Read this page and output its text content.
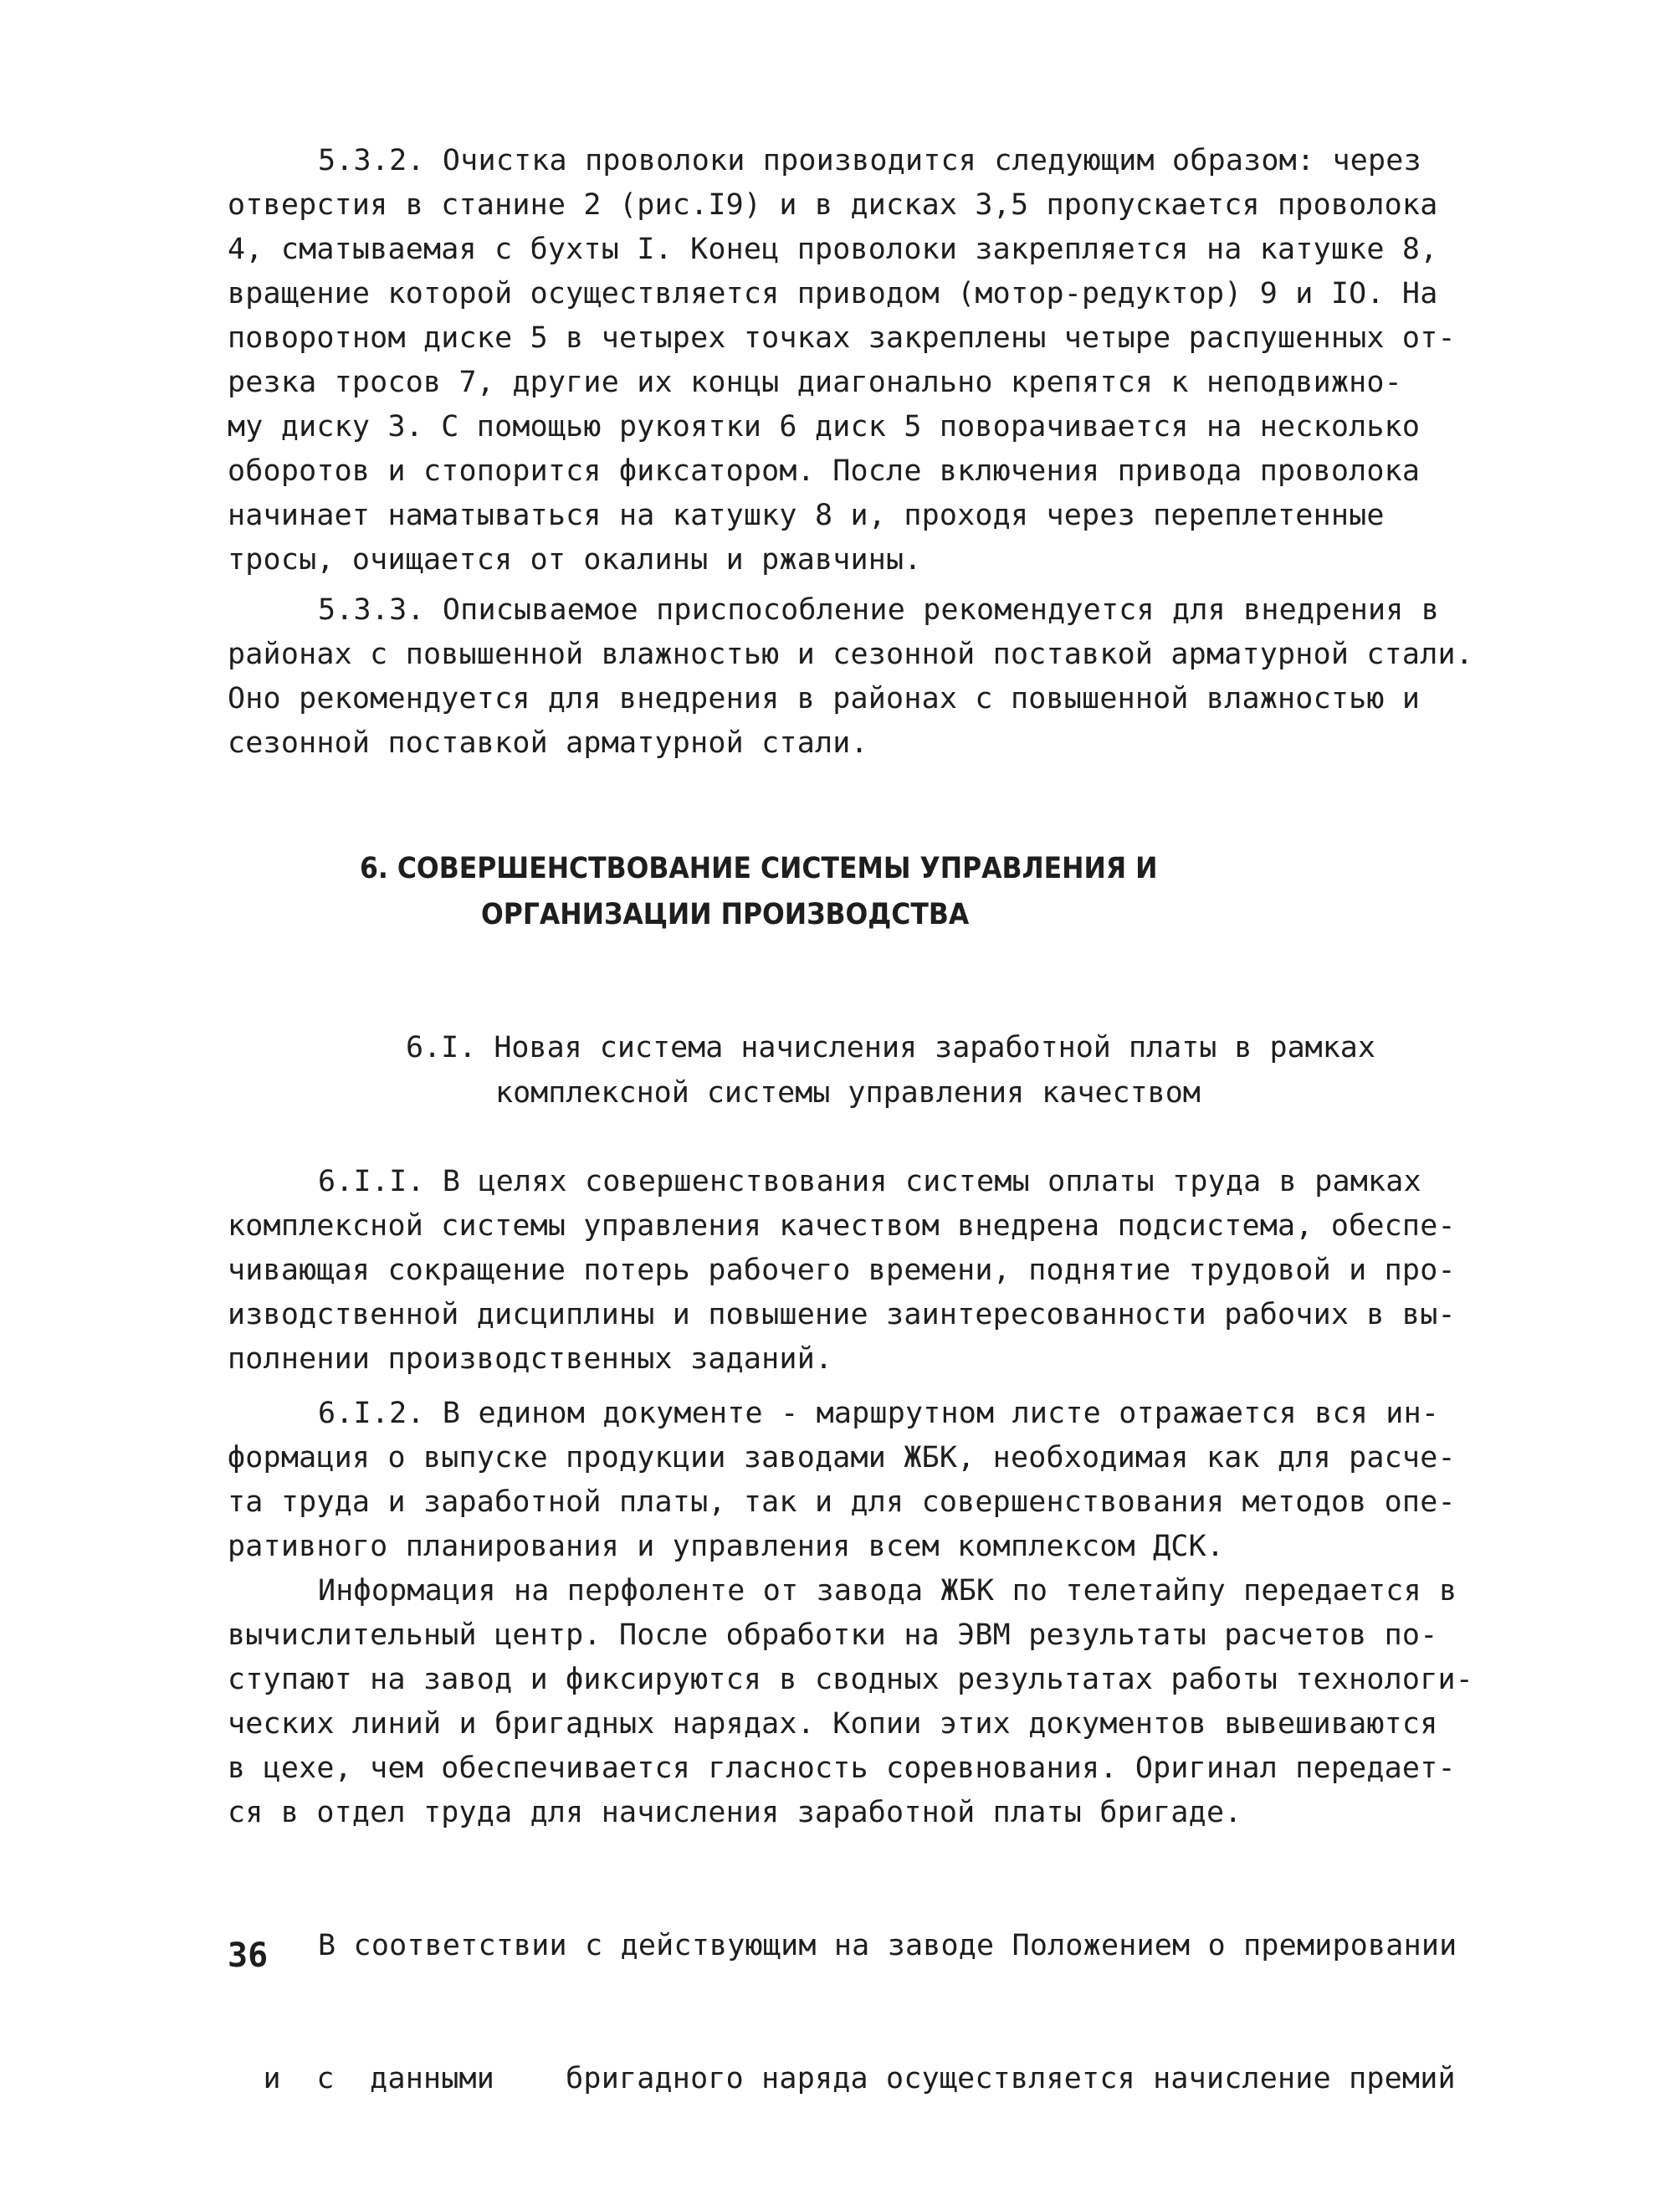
5.3.2. Очистка проволоки производится следующим образом: через
отверстия в станине 2 (рис.I9) и в дисках 3,5 пропускается проволока
4, сматываемая с бухты I. Конец проволоки закрепляется на катушке 8,
вращение которой осуществляется приводом (мотор-редуктор) 9 и IO. На
поворотном диске 5 в четырех точках закреплены четыре распушенных от-
резка тросов 7, другие их концы диагонально крепятся к неподвижно-
му диску 3. С помощью рукоятки 6 диск 5 поворачивается на несколько
оборотов и стопорится фиксатором. После включения привода проволока
начинает наматываться на катушку 8 и, проходя через переплетенные
тросы, очищается от окалины и ржавчины.
5.3.3. Описываемое приспособление рекомендуется для внедрения в
районах с повышенной влажностью и сезонной поставкой арматурной стали.
Оно рекомендуется для внедрения в районах с повышенной влажностью и
сезонной поставкой арматурной стали.
6. СОВЕРШЕНСТВОВАНИЕ СИСТЕМЫ УПРАВЛЕНИЯ И
ОРГАНИЗАЦИИ ПРОИЗВОДСТВА
6.I. Новая система начисления заработной платы в рамках
комплексной системы управления качеством
6.I.I. В целях совершенствования системы оплаты труда в рамках
комплексной системы управления качеством внедрена подсистема, обеспе-
чивающая сокращение потерь рабочего времени, поднятие трудовой и про-
изводственной дисциплины и повышение заинтересованности рабочих в вы-
полнении производственных заданий.
6.I.2. В едином документе - маршрутном листе отражается вся ин-
формация о выпуске продукции заводами ЖБК, необходимая как для расче-
та труда и заработной платы, так и для совершенствования методов опе-
ративного планирования и управления всем комплексом ДСК.
Информация на перфоленте от завода ЖБК по телетайпу передается в
вычислительный центр. После обработки на ЭВМ результаты расчетов по-
ступают на завод и фиксируются в сводных результатах работы технологи-
ческих линий и бригадных нарядах. Копии этих документов вывешиваются
в цехе, чем обеспечивается гласность соревнования. Оригинал передает-
ся в отдел труда для начисления заработной платы бригаде.

В соответствии с действующим на заводе Положением о премировании

и  с  данными    бригадного наряда осуществляется начисление премий

36
